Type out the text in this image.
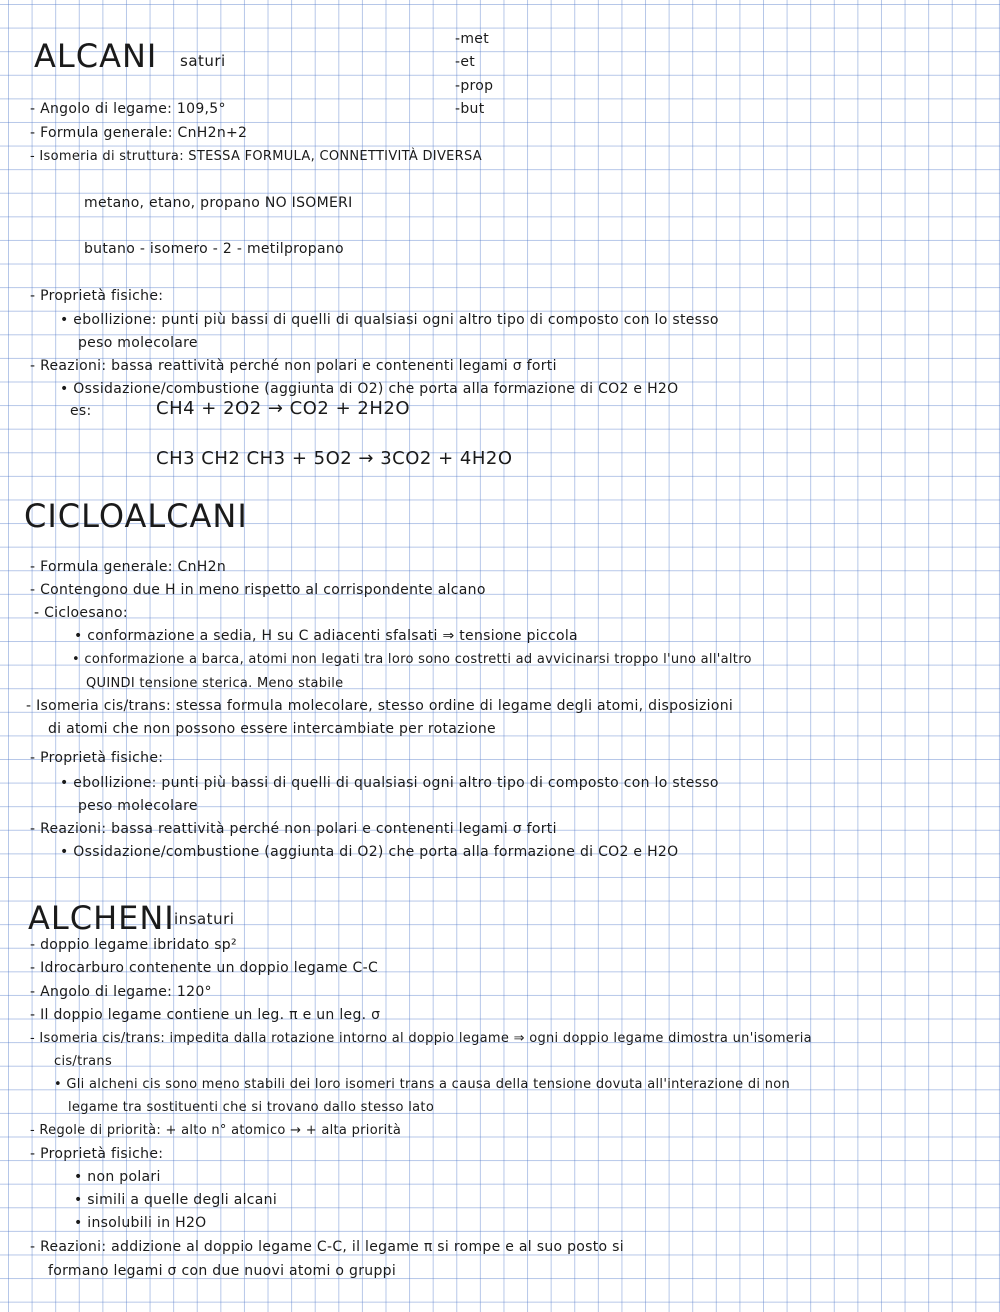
ALCANI saturi
-met
-et
-prop
-but
- Angolo di legame: 109,5°
- Formula generale: CnH2n+2
- Isomeria di struttura: STESSA FORMULA, CONNETTIVITÀ DIVERSA
metano, etano, propano NO ISOMERI
butano - isomero - 2 - metilpropano
- Proprietà fisiche:
• ebollizione: punti più bassi di quelli di qualsiasi ogni altro tipo di composto con lo stesso
peso molecolare
- Reazioni: bassa reattività perché non polari e contenenti legami σ forti
• Ossidazione/combustione (aggiunta di O2) che porta alla formazione di CO2 e H2O
es:	CH4 + 2O2 → CO2 + 2H2O
CH3 CH2 CH3 + 5O2 → 3CO2 + 4H2O
CICLOALCANI
- Formula generale: CnH2n
- Contengono due H in meno rispetto al corrispondente alcano
- Cicloesano:
• conformazione a sedia, H su C adiacenti sfalsati ⇒ tensione piccola
• conformazione a barca, atomi non legati tra loro sono costretti ad avvicinarsi troppo l'uno all'altro
QUINDI tensione sterica. Meno stabile
- Isomeria cis/trans: stessa formula molecolare, stesso ordine di legame degli atomi, disposizioni
di atomi che non possono essere intercambiate per rotazione
- Proprietà fisiche:
• ebollizione: punti più bassi di quelli di qualsiasi ogni altro tipo di composto con lo stesso
peso molecolare
- Reazioni: bassa reattività perché non polari e contenenti legami σ forti
• Ossidazione/combustione (aggiunta di O2) che porta alla formazione di CO2 e H2O
ALCHENI insaturi
- doppio legame ibridato sp²
- Idrocarburo contenente un doppio legame C-C
- Angolo di legame: 120°
- Il doppio legame contiene un leg. π e un leg. σ
- Isomeria cis/trans: impedita dalla rotazione intorno al doppio legame ⇒ ogni doppio legame dimostra un'isomeria
cis/trans
• Gli alcheni cis sono meno stabili dei loro isomeri trans a causa della tensione dovuta all'interazione di non
legame tra sostituenti che si trovano dallo stesso lato
- Regole di priorità: + alto n° atomico → + alta priorità
- Proprietà fisiche:
• non polari
• simili a quelle degli alcani
• insolubili in H2O
- Reazioni: addizione al doppio legame C-C, il legame π si rompe e al suo posto si
formano legami σ con due nuovi atomi o gruppi
